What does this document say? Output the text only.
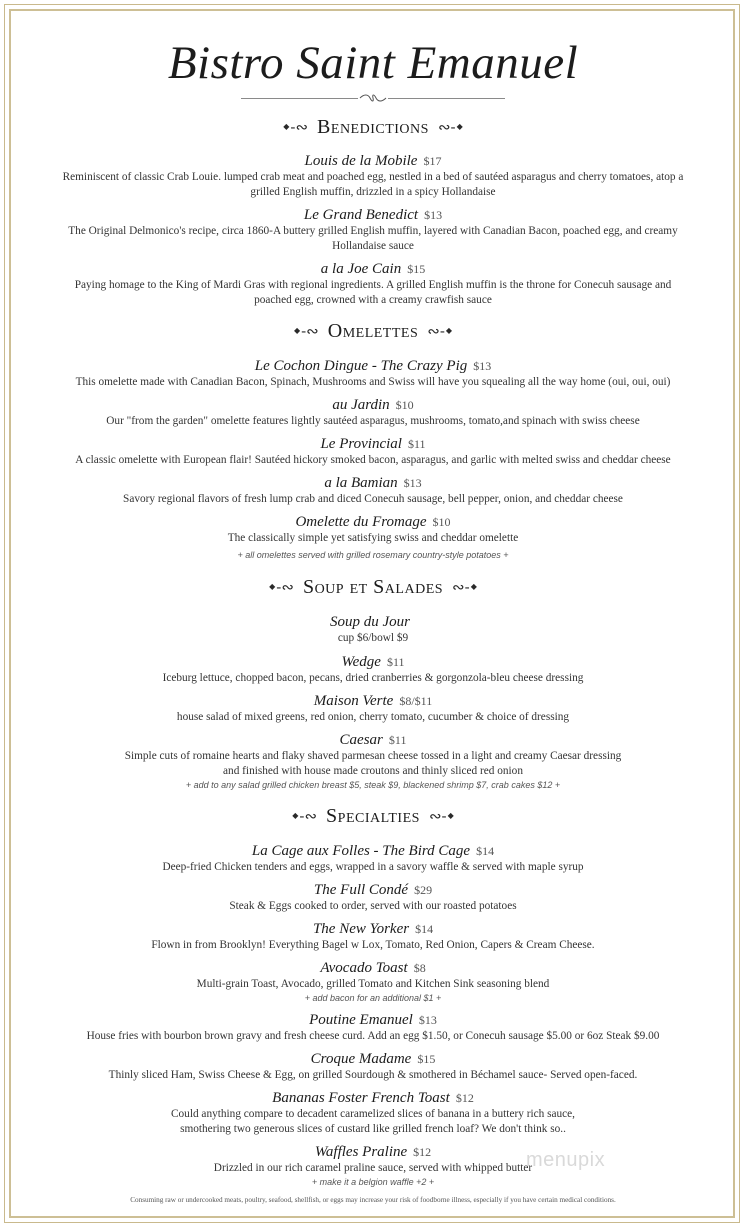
Bistro Saint Emanuel
◆ - ∾ Benedictions ∾ - ◆
Louis de la Mobile $17
Reminiscent of classic Crab Louie. lumped crab meat and poached egg, nestled in a bed of sautéed asparagus and cherry tomatoes, atop a
grilled English muffin, drizzled in a spicy Hollandaise
Le Grand Benedict $13
The Original Delmonico's recipe, circa 1860-A buttery grilled English muffin, layered with Canadian Bacon, poached egg, and creamy
Hollandaise sauce
a la Joe Cain $15
Paying homage to the King of Mardi Gras with regional ingredients. A grilled English muffin is the throne for Conecuh sausage and
poached egg, crowned with a creamy crawfish sauce
◆ - ∾ Omelettes ∾ - ◆
Le Cochon Dingue - The Crazy Pig $13
This omelette made with Canadian Bacon, Spinach, Mushrooms and Swiss will have you squealing all the way home (oui, oui, oui)
au Jardin $10
Our "from the garden" omelette features lightly sautéed asparagus, mushrooms, tomato,and spinach with swiss cheese
Le Provincial $11
A classic omelette with European flair! Sautéed hickory smoked bacon, asparagus, and garlic with melted swiss and cheddar cheese
a la Bamian $13
Savory regional flavors of fresh lump crab and diced Conecuh sausage, bell pepper, onion, and cheddar cheese
Omelette du Fromage $10
The classically simple yet satisfying swiss and cheddar omelette
+ all omelettes served with grilled rosemary country-style potatoes +
◆ - ∾ Soup et Salades ∾ - ◆
Soup du Jour
cup $6/bowl $9
Wedge $11
Iceburg lettuce, chopped bacon, pecans, dried cranberries & gorgonzola-bleu cheese dressing
Maison Verte $8/$11
house salad of mixed greens, red onion, cherry tomato, cucumber & choice of dressing
Caesar $11
Simple cuts of romaine hearts and flaky shaved parmesan cheese tossed in a light and creamy Caesar dressing
and finished with house made croutons and thinly sliced red onion
+ add to any salad grilled chicken breast $5, steak $9, blackened shrimp $7, crab cakes $12 +
◆ - ∾ Specialties ∾ - ◆
La Cage aux Folles - The Bird Cage $14
Deep-fried Chicken tenders and eggs, wrapped in a savory waffle & served with maple syrup
The Full Condé $29
Steak & Eggs cooked to order, served with our roasted potatoes
The New Yorker $14
Flown in from Brooklyn! Everything Bagel w Lox, Tomato, Red Onion, Capers & Cream Cheese.
Avocado Toast $8
Multi-grain Toast, Avocado, grilled Tomato and Kitchen Sink seasoning blend
+ add bacon for an additional $1 +
Poutine Emanuel $13
House fries with bourbon brown gravy and fresh cheese curd. Add an egg $1.50, or Conecuh sausage $5.00 or 6oz Steak $9.00
Croque Madame $15
Thinly sliced Ham, Swiss Cheese & Egg, on grilled Sourdough & smothered in Béchamel sauce- Served open-faced.
Bananas Foster French Toast $12
Could anything compare to decadent caramelized slices of banana in a buttery rich sauce,
smothering two generous slices of custard like grilled french loaf? We don't think so..
Waffles Praline $12
Drizzled in our rich caramel praline sauce, served with whipped butter
+ make it a belgion waffle +2 +
menupix
Consuming raw or undercooked meats, poultry, seafood, shellfish, or eggs may increase your risk of foodborne illness, especially if you have certain medical conditions.
